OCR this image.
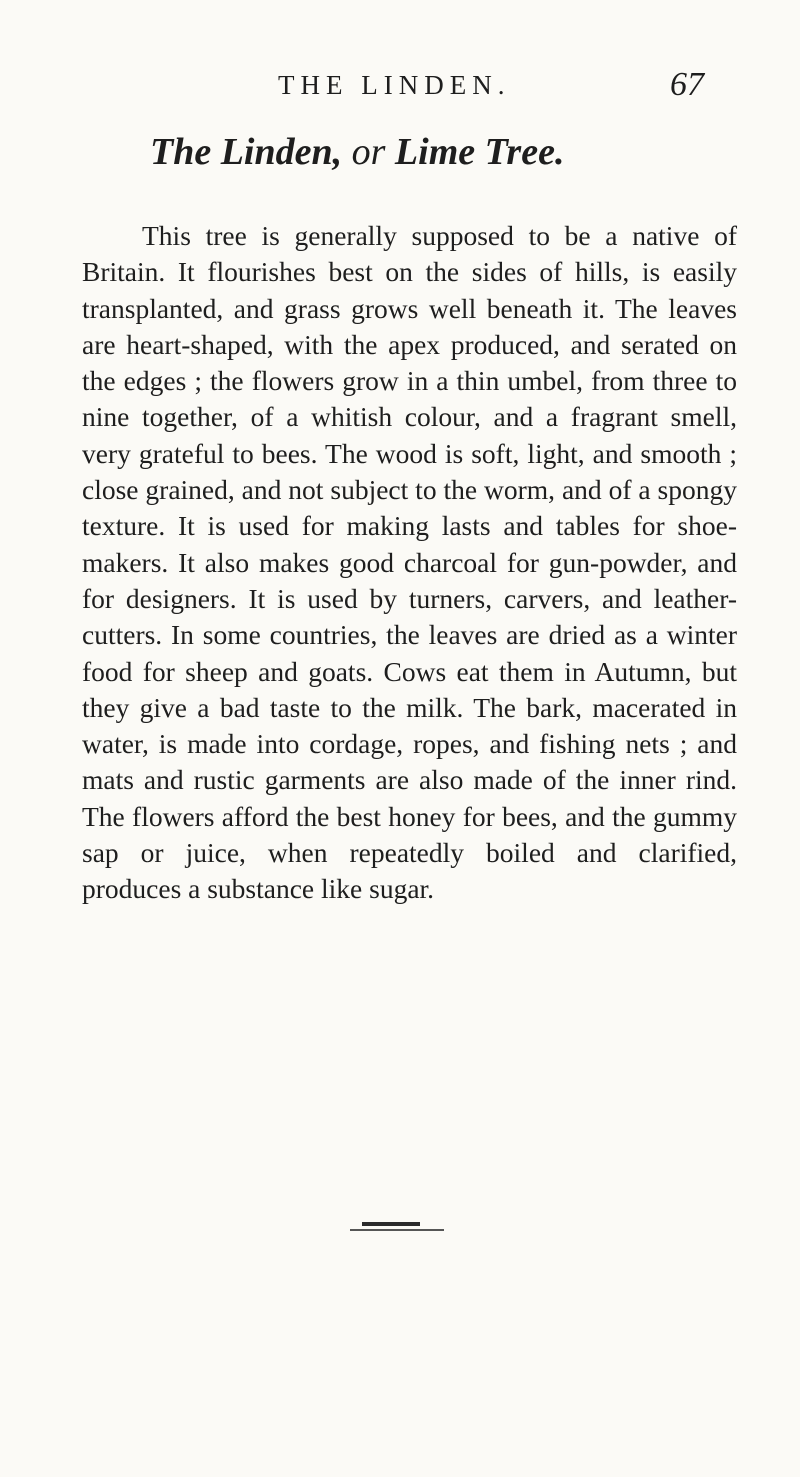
THE LINDEN.	67
The Linden, or Lime Tree.

This tree is generally supposed to be a native of Britain. It flourishes best on the sides of hills, is easily transplanted, and grass grows well beneath it. The leaves are heart-shaped, with the apex produced, and serated on the edges ; the flowers grow in a thin umbel, from three to nine together, of a whitish colour, and a fragrant smell, very grateful to bees. The wood is soft, light, and smooth ; close grained, and not subject to the worm, and of a spongy texture. It is used for making lasts and tables for shoe-makers. It also makes good charcoal for gun-powder, and for designers. It is used by turners, carvers, and leather-cutters. In some countries, the leaves are dried as a winter food for sheep and goats. Cows eat them in Autumn, but they give a bad taste to the milk. The bark, macerated in water, is made into cordage, ropes, and fishing nets ; and mats and rustic garments are also made of the inner rind. The flowers afford the best honey for bees, and the gummy sap or juice, when repeatedly boiled and clarified, produces a substance like sugar.
